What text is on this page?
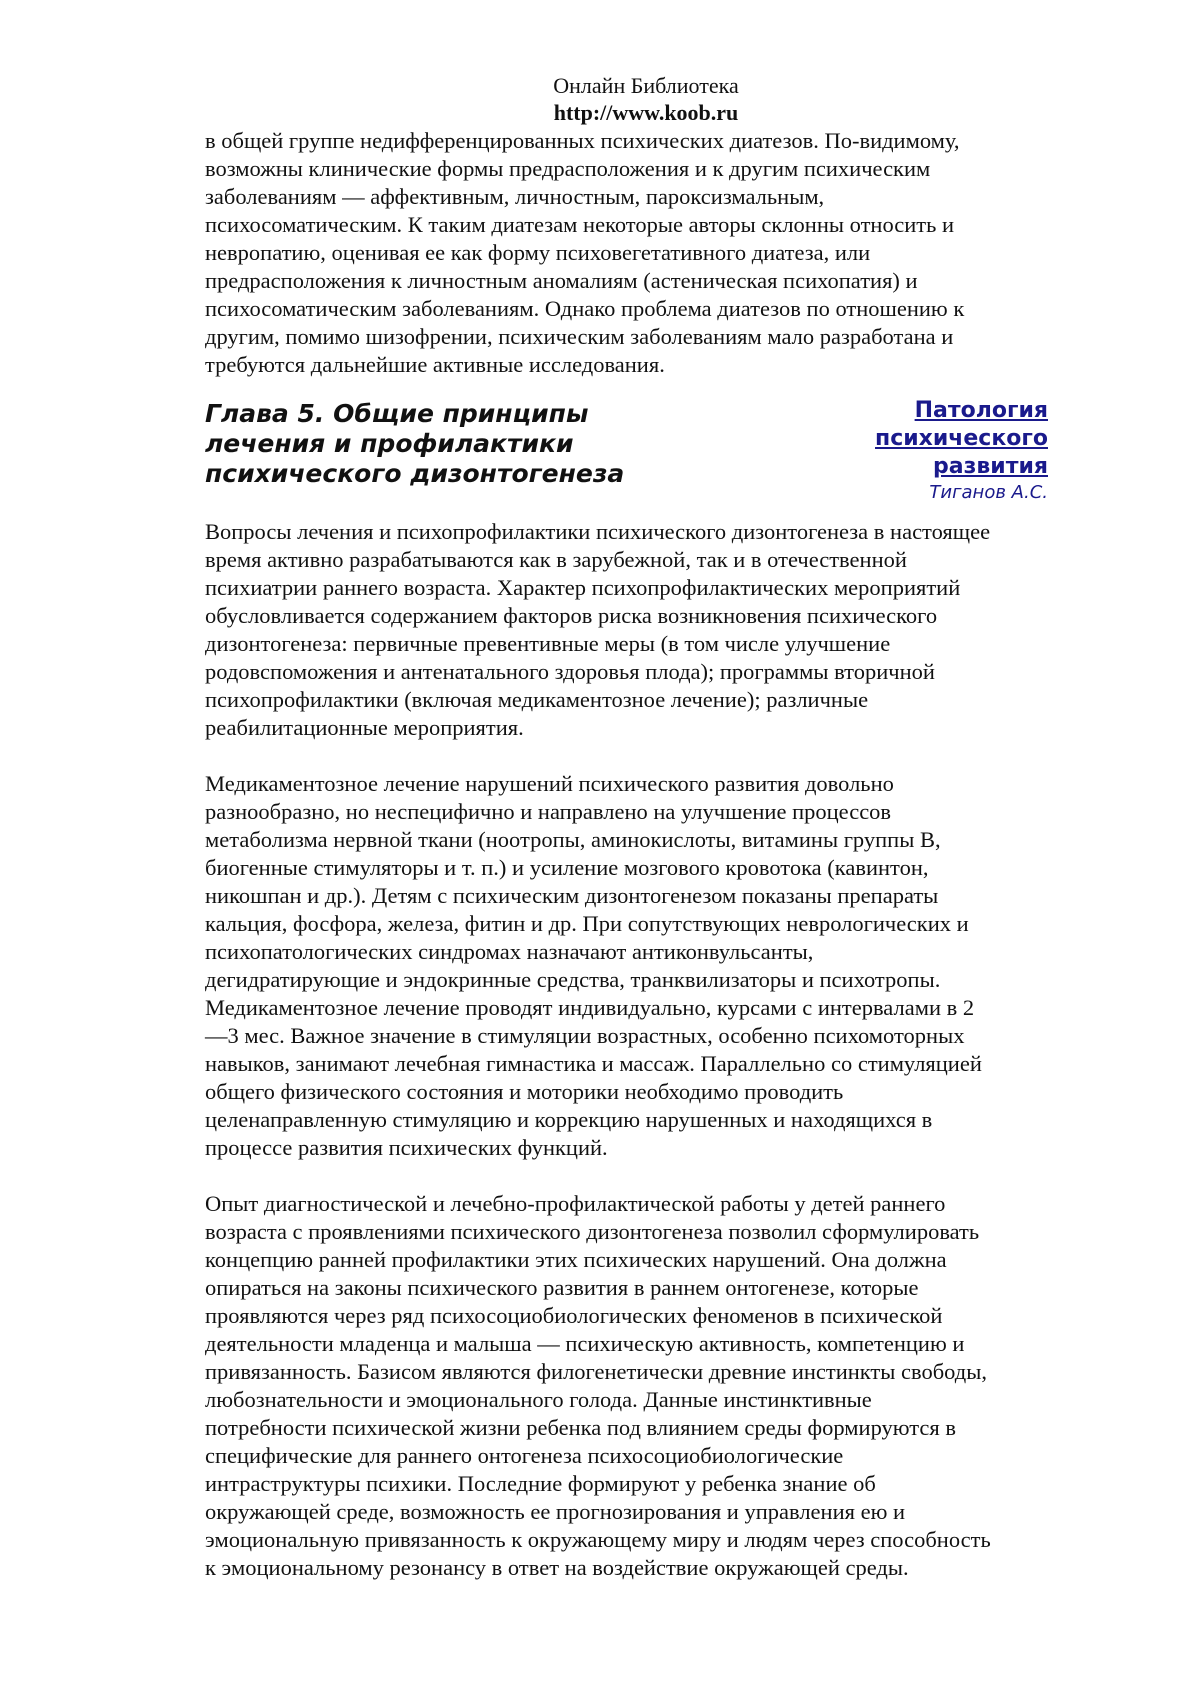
Онлайн Библиотека
http://www.koob.ru

в общей группе недифференцированных психических диатезов. По-видимому,
возможны клинические формы предрасположения и к другим психическим
заболеваниям — аффективным, личностным, пароксизмальным,
психосоматическим. К таким диатезам некоторые авторы склонны относить и
невропатию, оценивая ее как форму психовегетативного диатеза, или
предрасположения к личностным аномалиям (астеническая психопатия) и
психосоматическим заболеваниям. Однако проблема диатезов по отношению к
другим, помимо шизофрении, психическим заболеваниям мало разработана и
требуются дальнейшие активные исследования.

Глава 5. Общие принципы
лечения и профилактики
психического дизонтогенеза
Патология
психического
развития
Тиганов А.С.

Вопросы лечения и психопрофилактики психического дизонтогенеза в настоящее
время активно разрабатываются как в зарубежной, так и в отечественной
психиатрии раннего возраста. Характер психопрофилактических мероприятий
обусловливается содержанием факторов риска возникновения психического
дизонтогенеза: первичные превентивные меры (в том числе улучшение
родовспоможения и антенатального здоровья плода); программы вторичной
психопрофилактики (включая медикаментозное лечение); различные
реабилитационные мероприятия.

Медикаментозное лечение нарушений психического развития довольно
разнообразно, но неспецифично и направлено на улучшение процессов
метаболизма нервной ткани (ноотропы, аминокислоты, витамины группы В,
биогенные стимуляторы и т. п.) и усиление мозгового кровотока (кавинтон,
никошпан и др.). Детям с психическим дизонтогенезом показаны препараты
кальция, фосфора, железа, фитин и др. При сопутствующих неврологических и
психопатологических синдромах назначают антиконвульсанты,
дегидратирующие и эндокринные средства, транквилизаторы и психотропы.
Медикаментозное лечение проводят индивидуально, курсами с интервалами в 2
—3 мес. Важное значение в стимуляции возрастных, особенно психомоторных
навыков, занимают лечебная гимнастика и массаж. Параллельно со стимуляцией
общего физического состояния и моторики необходимо проводить
целенаправленную стимуляцию и коррекцию нарушенных и находящихся в
процессе развития психических функций.

Опыт диагностической и лечебно-профилактической работы у детей раннего
возраста с проявлениями психического дизонтогенеза позволил сформулировать
концепцию ранней профилактики этих психических нарушений. Она должна
опираться на законы психического развития в раннем онтогенезе, которые
проявляются через ряд психосоциобиологических феноменов в психической
деятельности младенца и малыша — психическую активность, компетенцию и
привязанность. Базисом являются филогенетически древние инстинкты свободы,
любознательности и эмоционального голода. Данные инстинктивные
потребности психической жизни ребенка под влиянием среды формируются в
специфические для раннего онтогенеза психосоциобиологические
интраструктуры психики. Последние формируют у ребенка знание об
окружающей среде, возможность ее прогнозирования и управления ею и
эмоциональную привязанность к окружающему миру и людям через способность
к эмоциональному резонансу в ответ на воздействие окружающей среды.
